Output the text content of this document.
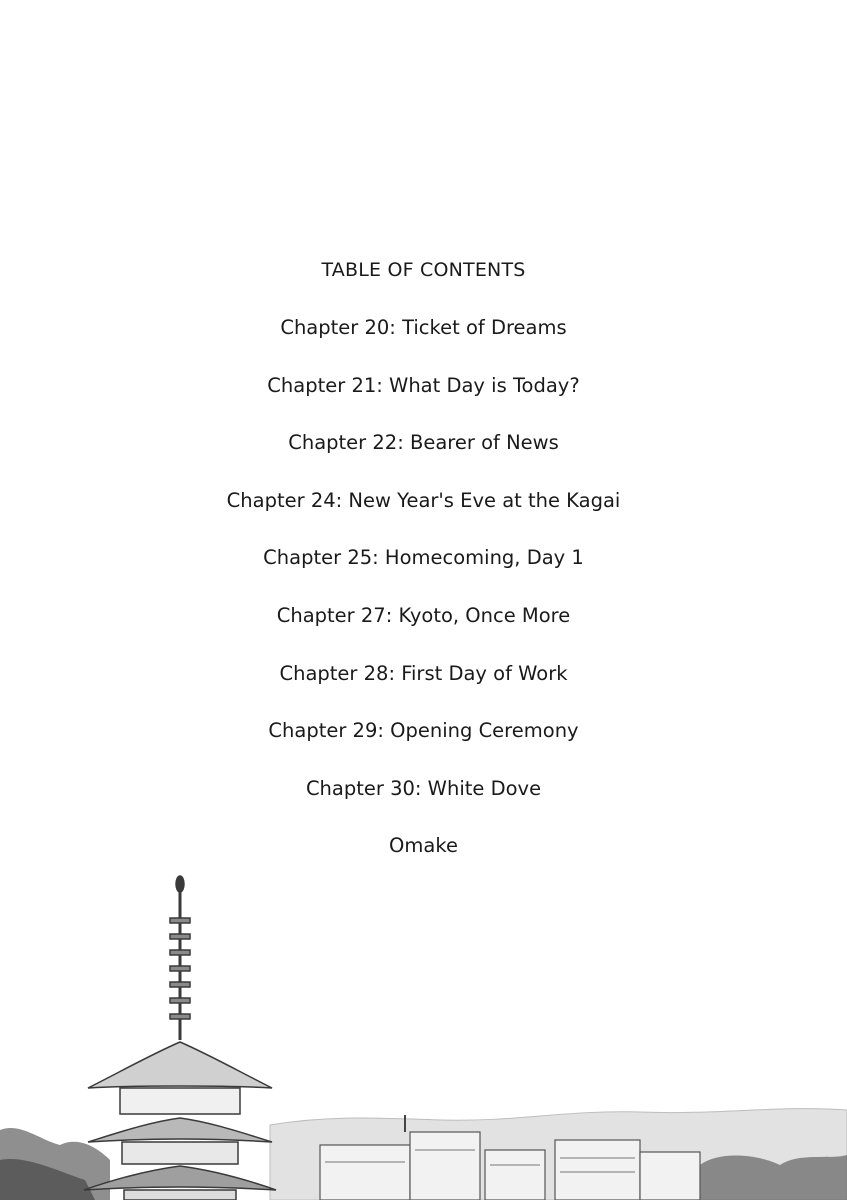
TABLE OF CONTENTS
Chapter 20: Ticket of Dreams
Chapter 21: What Day is Today?
Chapter 22: Bearer of News
Chapter 24: New Year's Eve at the Kagai
Chapter 25: Homecoming, Day 1
Chapter 27: Kyoto, Once More
Chapter 28: First Day of Work
Chapter 29: Opening Ceremony
Chapter 30: White Dove
Omake
